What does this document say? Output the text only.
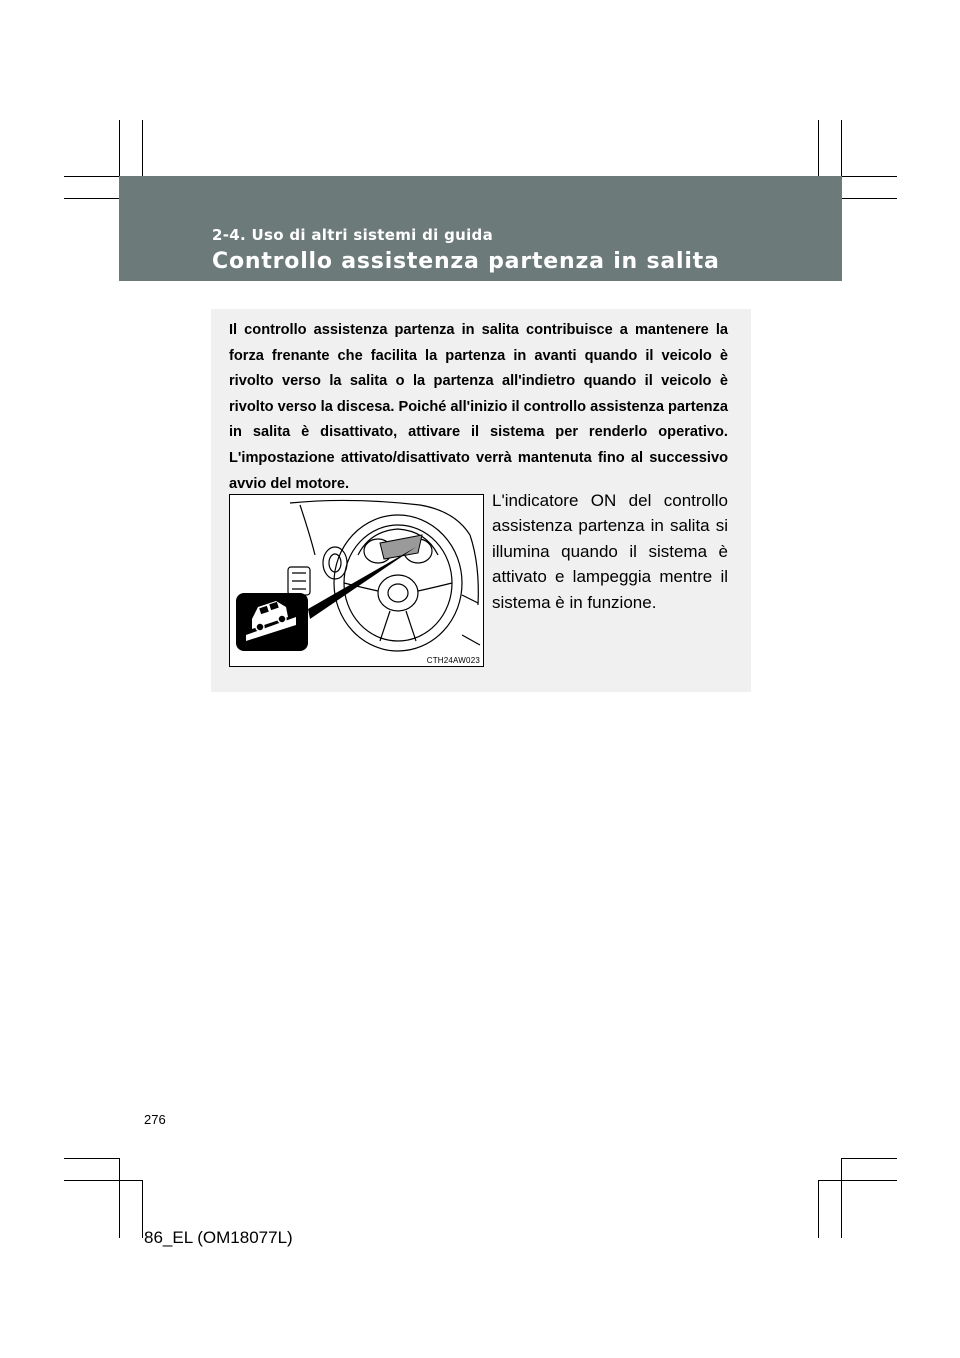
2-4. Uso di altri sistemi di guida
Controllo assistenza partenza in salita

Il controllo assistenza partenza in salita contribuisce a mantenere la forza frenante che facilita la partenza in avanti quando il veicolo è rivolto verso la salita o la partenza all'indietro quando il veicolo è rivolto verso la discesa. Poiché all'inizio il controllo assistenza partenza in salita è disattivato, attivare il sistema per renderlo operativo. L'impostazione attivato/disattivato verrà mantenuta fino al successivo avvio del motore.

CTH24AW023

L'indicatore ON del controllo assistenza partenza in salita si illumina quando il sistema è attivato e lampeggia mentre il sistema è in funzione.

276
86_EL (OM18077L)
